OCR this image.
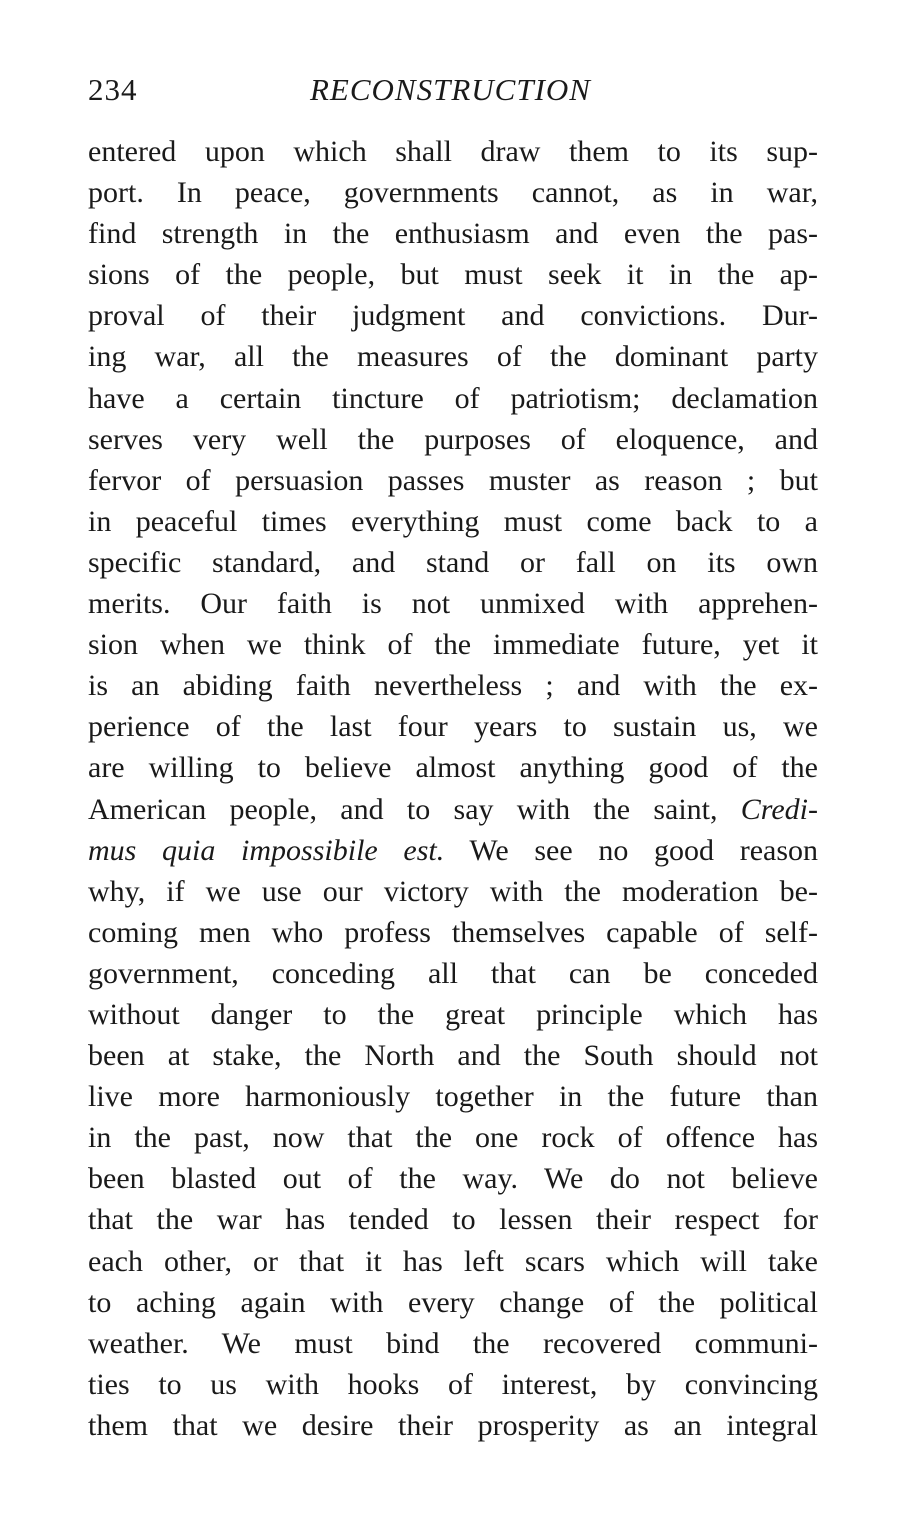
234	RECONSTRUCTION
entered upon which shall draw them to its sup-
port. In peace, governments cannot, as in war,
find strength in the enthusiasm and even the pas-
sions of the people, but must seek it in the ap-
proval of their judgment and convictions. Dur-
ing war, all the measures of the dominant party
have a certain tincture of patriotism; declamation
serves very well the purposes of eloquence, and
fervor of persuasion passes muster as reason ; but
in peaceful times everything must come back to a
specific standard, and stand or fall on its own
merits. Our faith is not unmixed with apprehen-
sion when we think of the immediate future, yet it
is an abiding faith nevertheless ; and with the ex-
perience of the last four years to sustain us, we
are willing to believe almost anything good of the
American people, and to say with the saint, Credi-
mus quia impossibile est. We see no good reason
why, if we use our victory with the moderation be-
coming men who profess themselves capable of self-
government, conceding all that can be conceded
without danger to the great principle which has
been at stake, the North and the South should not
live more harmoniously together in the future than
in the past, now that the one rock of offence has
been blasted out of the way. We do not believe
that the war has tended to lessen their respect for
each other, or that it has left scars which will take
to aching again with every change of the political
weather. We must bind the recovered communi-
ties to us with hooks of interest, by convincing
them that we desire their prosperity as an integral
